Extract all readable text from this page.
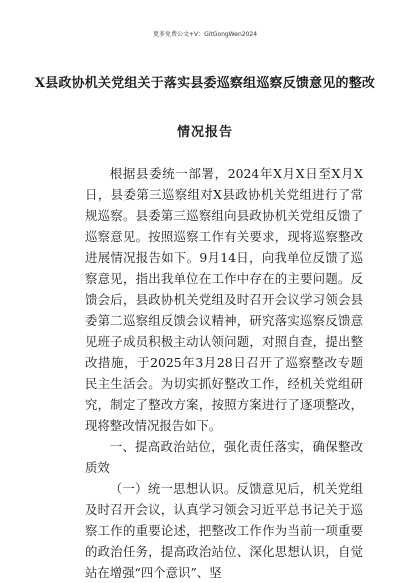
更多免费公文+V：GitGongWen2024
X县政协机关党组关于落实县委巡察组巡察反馈意见的整改
情况报告

根据县委统一部署，2024年X月X日至X月X日，县委第三巡察组对X县政协机关党组进行了常规巡察。县委第三巡察组向县政协机关党组反馈了巡察意见。按照巡察工作有关要求，现将巡察整改进展情况报告如下。9月14日，向我单位反馈了巡察意见，指出我单位在工作中存在的主要问题。反馈会后，县政协机关党组及时召开会议学习领会县委第二巡察组反馈会议精神，研究落实巡察反馈意见班子成员积极主动认领问题，对照自查，提出整改措施，于2025年3月28日召开了巡察整改专题民主生活会。为切实抓好整改工作，经机关党组研究，制定了整改方案，按照方案进行了逐项整改，现将整改情况报告如下。

一、提高政治站位，强化责任落实，确保整改质效

（一）统一思想认识。反馈意见后，机关党组及时召开会议，认真学习领会习近平总书记关于巡察工作的重要论述，把整改工作作为当前一项重要的政治任务，提高政治站位、深化思想认识，自觉站在增强“四个意识”、坚
